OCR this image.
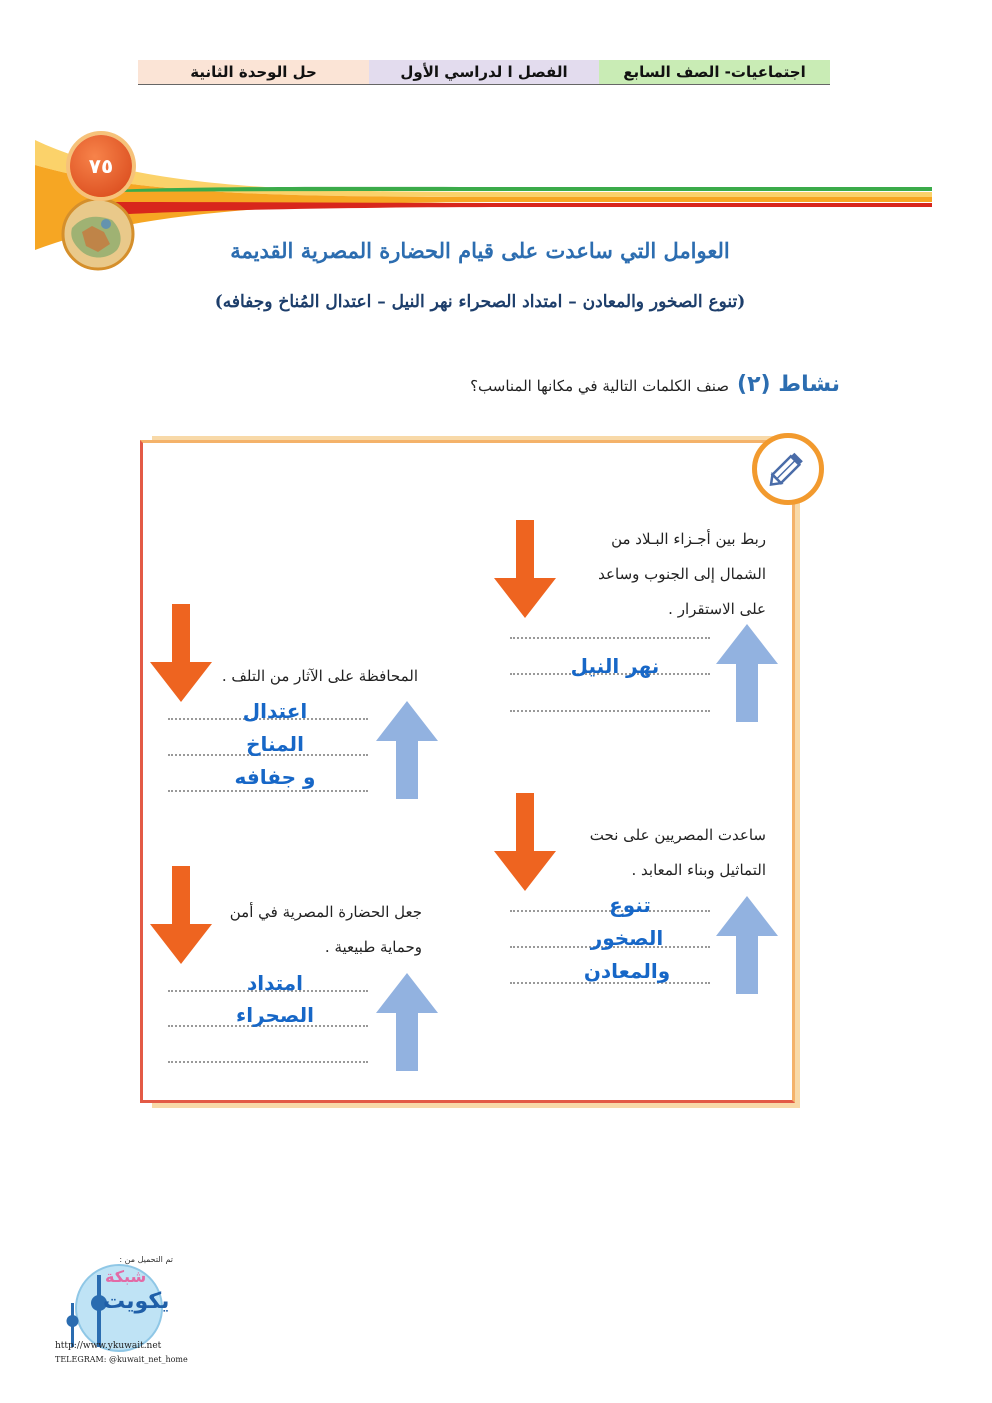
اجتماعيات- الصف السابع
الفصل ا لدراسي الأول
حل الوحدة الثانية
٧٥
العوامل التي ساعدت على قيام الحضارة المصرية القديمة
(تنوع الصخور والمعادن – امتداد الصحراء نهر النيل – اعتدال المُناخ وجفافه)
نشاط (٢)
صنف الكلمات التالية في مكانها المناسب؟
ربط بين أجـزاء البـلاد من
الشمال إلى الجنوب وساعد
على الاستقرار .
نهر النيل
المحافظة على الآثار من التلف .
اعتدال
المناخ
و جفافه
ساعدت المصريين على نحت
التماثيل وبناء المعابد .
تنوع
الصخور
والمعادن
جعل الحضارة المصرية في أمن
وحماية طبيعية .
امتداد
الصحراء
تم التحميل من :
شبكة
يكويت
http://www.ykuwait.net
TELEGRAM: @kuwait_net_home
